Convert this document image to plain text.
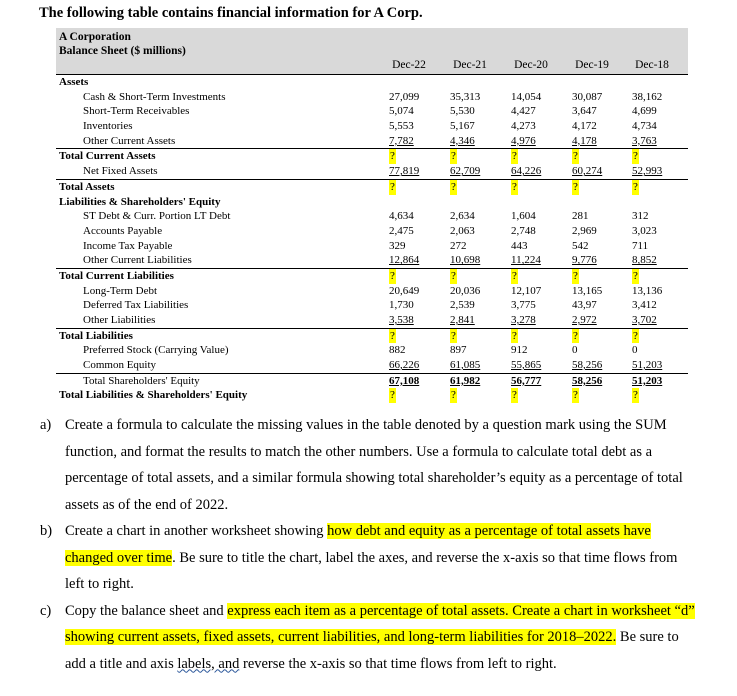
The following table contains financial information for A Corp.
A Corporation
Balance Sheet ($ millions)
Dec-22	Dec-21	Dec-20	Dec-19	Dec-18
Assets
Cash & Short-Term Investments	27,099	35,313	14,054	30,087	38,162
Short-Term Receivables	5,074	5,530	4,427	3,647	4,699
Inventories	5,553	5,167	4,273	4,172	4,734
Other Current Assets	7,782	4,346	4,976	4,178	3,763
Total Current Assets	?	?	?	?	?
Net Fixed Assets	77,819	62,709	64,226	60,274	52,993
Total Assets	?	?	?	?	?
Liabilities & Shareholders' Equity
ST Debt & Curr. Portion LT Debt	4,634	2,634	1,604	281	312
Accounts Payable	2,475	2,063	2,748	2,969	3,023
Income Tax Payable	329	272	443	542	711
Other Current Liabilities	12,864	10,698	11,224	9,776	8,852
Total Current Liabilities	?	?	?	?	?
Long-Term Debt	20,649	20,036	12,107	13,165	13,136
Deferred Tax Liabilities	1,730	2,539	3,775	43,97	3,412
Other Liabilities	3,538	2,841	3,278	2,972	3,702
Total Liabilities	?	?	?	?	?
Preferred Stock (Carrying Value)	882	897	912	0	0
Common Equity	66,226	61,085	55,865	58,256	51,203
Total Shareholders' Equity	67,108	61,982	56,777	58,256	51,203
Total Liabilities & Shareholders' Equity	?	?	?	?	?
a) Create a formula to calculate the missing values in the table denoted by a question mark using the SUM function, and format the results to match the other numbers. Use a formula to calculate total debt as a percentage of total assets, and a similar formula showing total shareholder’s equity as a percentage of total assets as of the end of 2022.
b) Create a chart in another worksheet showing how debt and equity as a percentage of total assets have changed over time. Be sure to title the chart, label the axes, and reverse the x-axis so that time flows from left to right.
c) Copy the balance sheet and express each item as a percentage of total assets. Create a chart in worksheet “d” showing current assets, fixed assets, current liabilities, and long-term liabilities for 2018–2022. Be sure to add a title and axis labels, and reverse the x-axis so that time flows from left to right.
